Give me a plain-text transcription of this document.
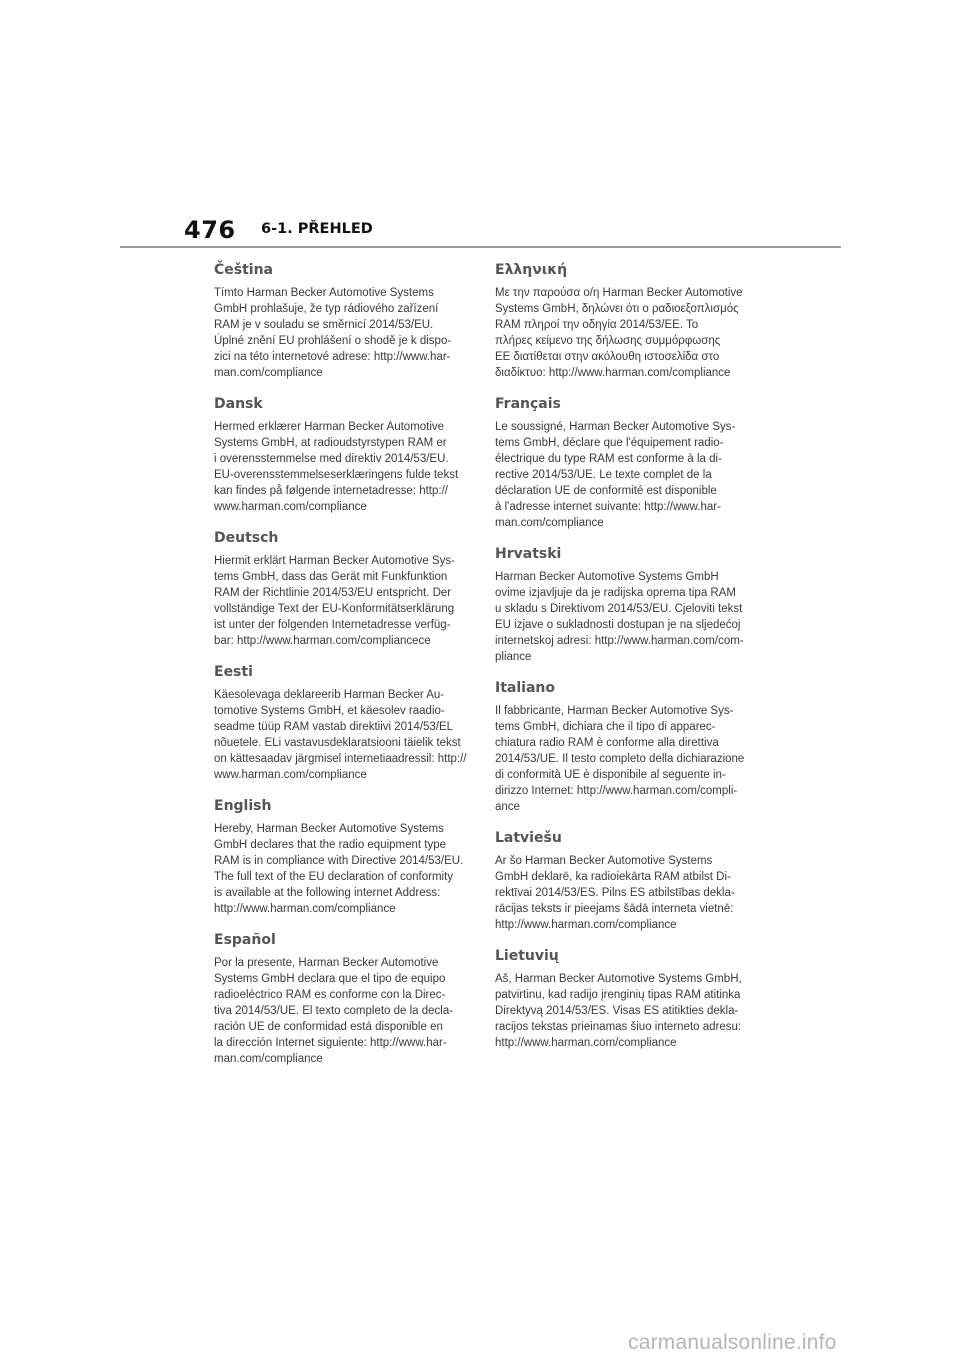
476 6-1. PŘEHLED
Čeština

Tímto Harman Becker Automotive Systems
GmbH prohlašuje, že typ rádiového zařízení
RAM je v souladu se směrnicí 2014/53/EU.
Úplné znění EU prohlášení o shodě je k dispo-
zici na této internetové adrese: http://www.har-
man.com/compliance

Dansk

Hermed erklærer Harman Becker Automotive
Systems GmbH, at radioudstyrstypen RAM er
i overensstemmelse med direktiv 2014/53/EU.
EU-overensstemmelseserklæringens fulde tekst
kan findes på følgende internetadresse: http://
www.harman.com/compliance

Deutsch

Hiermit erklärt Harman Becker Automotive Sys-
tems GmbH, dass das Gerät mit Funkfunktion
RAM der Richtlinie 2014/53/EU entspricht. Der
vollständige Text der EU-Konformitätserklärung
ist unter der folgenden Internetadresse verfüg-
bar: http://www.harman.com/compliancece

Eesti

Käesolevaga deklareerib Harman Becker Au-
tomotive Systems GmbH, et käesolev raadio-
seadme tüüp RAM vastab direktiivi 2014/53/EL
nõuetele. ELi vastavusdeklaratsiooni täielik tekst
on kättesaadav järgmisel internetiaadressil: http://
www.harman.com/compliance

English

Hereby, Harman Becker Automotive Systems
GmbH declares that the radio equipment type
RAM is in compliance with Directive 2014/53/EU.
The full text of the EU declaration of conformity
is available at the following internet Address:
http://www.harman.com/compliance

Español

Por la presente, Harman Becker Automotive
Systems GmbH declara que el tipo de equipo
radioeléctrico RAM es conforme con la Direc-
tiva 2014/53/UE. El texto completo de la decla-
ración UE de conformidad está disponible en
la dirección Internet siguiente: http://www.har-
man.com/compliance

Ελληνική

Με την παρούσα ο/η Harman Becker Automotive
Systems GmbH, δηλώνει ότι ο ραδιοεξοπλισμός
RAM πληροί την οδηγία 2014/53/ΕΕ. Το
πλήρες κείμενο της δήλωσης συμμόρφωσης
ΕΕ διατίθεται στην ακόλουθη ιστοσελίδα στο
διαδίκτυο: http://www.harman.com/compliance

Français

Le soussigné, Harman Becker Automotive Sys-
tems GmbH, déclare que l'équipement radio-
électrique du type RAM est conforme à la di-
rective 2014/53/UE. Le texte complet de la
déclaration UE de conformité est disponible
à l'adresse internet suivante: http://www.har-
man.com/compliance

Hrvatski

Harman Becker Automotive Systems GmbH
ovime izjavljuje da je radijska oprema tipa RAM
u skladu s Direktivom 2014/53/EU. Cjeloviti tekst
EU izjave o sukladnosti dostupan je na sljedećoj
internetskoj adresi: http://www.harman.com/com-
pliance

Italiano

Il fabbricante, Harman Becker Automotive Sys-
tems GmbH, dichiara che il tipo di apparec-
chiatura radio RAM è conforme alla direttiva
2014/53/UE. Il testo completo della dichiarazione
di conformità UE è disponibile al seguente in-
dirizzo Internet: http://www.harman.com/compli-
ance

Latviešu

Ar šo Harman Becker Automotive Systems
GmbH deklarē, ka radioiekārta RAM atbilst Di-
rektīvai 2014/53/ES. Pilns ES atbilstības dekla-
rācijas teksts ir pieejams šādā interneta vietnē:
http://www.harman.com/compliance

Lietuvių

Aš, Harman Becker Automotive Systems GmbH,
patvirtinu, kad radijo įrenginių tipas RAM atitinka
Direktyvą 2014/53/ES. Visas ES atitikties dekla-
racijos tekstas prieinamas šiuo interneto adresu:
http://www.harman.com/compliance

carmanualsonline.info
